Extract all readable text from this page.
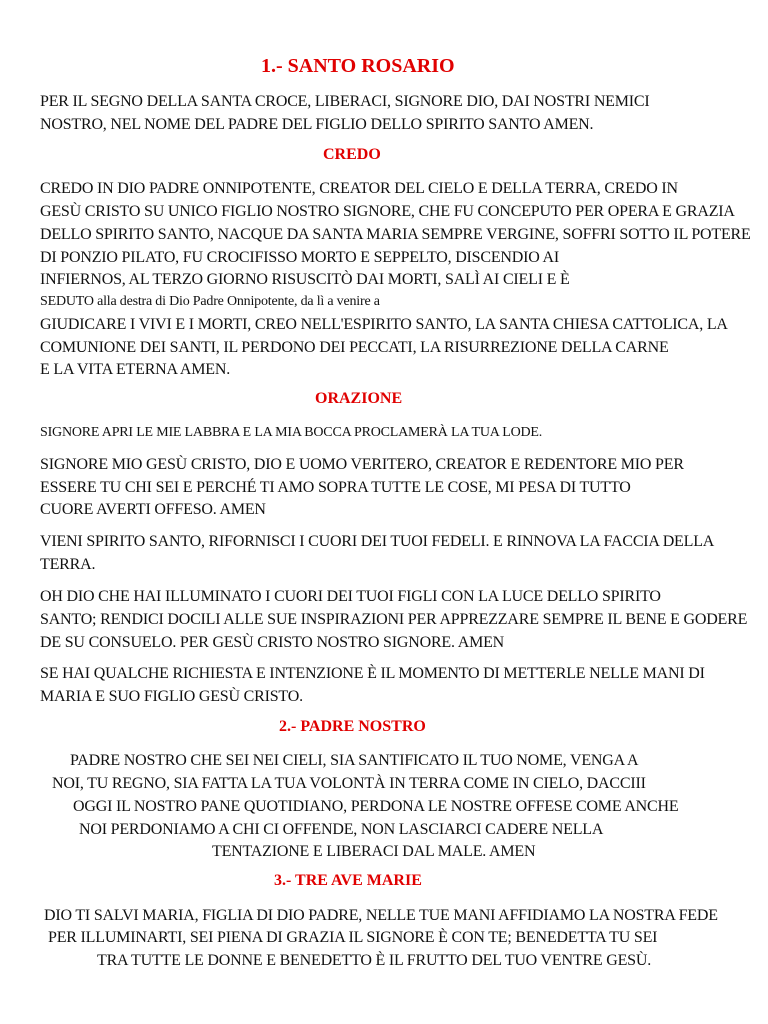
1.- SANTO ROSARIO
PER IL SEGNO DELLA SANTA CROCE, LIBERACI, SIGNORE DIO, DAI NOSTRI NEMICI
NOSTRO, NEL NOME DEL PADRE DEL FIGLIO DELLO SPIRITO SANTO AMEN.
CREDO
CREDO IN DIO PADRE ONNIPOTENTE, CREATOR DEL CIELO E DELLA TERRA, CREDO IN
GESÙ CRISTO SU UNICO FIGLIO NOSTRO SIGNORE, CHE FU CONCEPUTO PER OPERA E GRAZIA
DELLO SPIRITO SANTO, NACQUE DA SANTA MARIA SEMPRE VERGINE, SOFFRI SOTTO IL POTERE
DI PONZIO PILATO, FU CROCIFISSO MORTO E SEPPELTO, DISCENDIO AI
INFIERNOS, AL TERZO GIORNO RISUSCITÒ DAI MORTI, SALÌ AI CIELI E È
SEDUTO alla destra di Dio Padre Onnipotente, da lì a venire a
GIUDICARE I VIVI E I MORTI, CREO NELL'ESPIRITO SANTO, LA SANTA CHIESA CATTOLICA, LA
COMUNIONE DEI SANTI, IL PERDONO DEI PECCATI, LA RISURREZIONE DELLA CARNE
E LA VITA ETERNA AMEN.
ORAZIONE
SIGNORE APRI LE MIE LABBRA E LA MIA BOCCA PROCLAMERÀ LA TUA LODE.
SIGNORE MIO GESÙ CRISTO, DIO E UOMO VERITERO, CREATOR E REDENTORE MIO PER
ESSERE TU CHI SEI E PERCHÉ TI AMO SOPRA TUTTE LE COSE, MI PESA DI TUTTO
CUORE AVERTI OFFESO. AMEN
VIENI SPIRITO SANTO, RIFORNISCI I CUORI DEI TUOI FEDELI. E RINNOVA LA FACCIA DELLA
TERRA.
OH DIO CHE HAI ILLUMINATO I CUORI DEI TUOI FIGLI CON LA LUCE DELLO SPIRITO
SANTO; RENDICI DOCILI ALLE SUE INSPIRAZIONI PER APPREZZARE SEMPRE IL BENE E GODERE
DE SU CONSUELO. PER GESÙ CRISTO NOSTRO SIGNORE. AMEN
SE HAI QUALCHE RICHIESTA E INTENZIONE È IL MOMENTO DI METTERLE NELLE MANI DI
MARIA E SUO FIGLIO GESÙ CRISTO.
2.- PADRE NOSTRO
PADRE NOSTRO CHE SEI NEI CIELI, SIA SANTIFICATO IL TUO NOME, VENGA A
NOI, TU REGNO, SIA FATTA LA TUA VOLONTÀ IN TERRA COME IN CIELO, DACCIII
OGGI IL NOSTRO PANE QUOTIDIANO, PERDONA LE NOSTRE OFFESE COME ANCHE
NOI PERDONIAMO A CHI CI OFFENDE, NON LASCIARCI CADERE NELLA
TENTAZIONE E LIBERACI DAL MALE. AMEN
3.- TRE AVE MARIE
DIO TI SALVI MARIA, FIGLIA DI DIO PADRE, NELLE TUE MANI AFFIDIAMO LA NOSTRA FEDE
PER ILLUMINARTI, SEI PIENA DI GRAZIA IL SIGNORE È CON TE; BENEDETTA TU SEI
TRA TUTTE LE DONNE E BENEDETTO È IL FRUTTO DEL TUO VENTRE GESÙ.
